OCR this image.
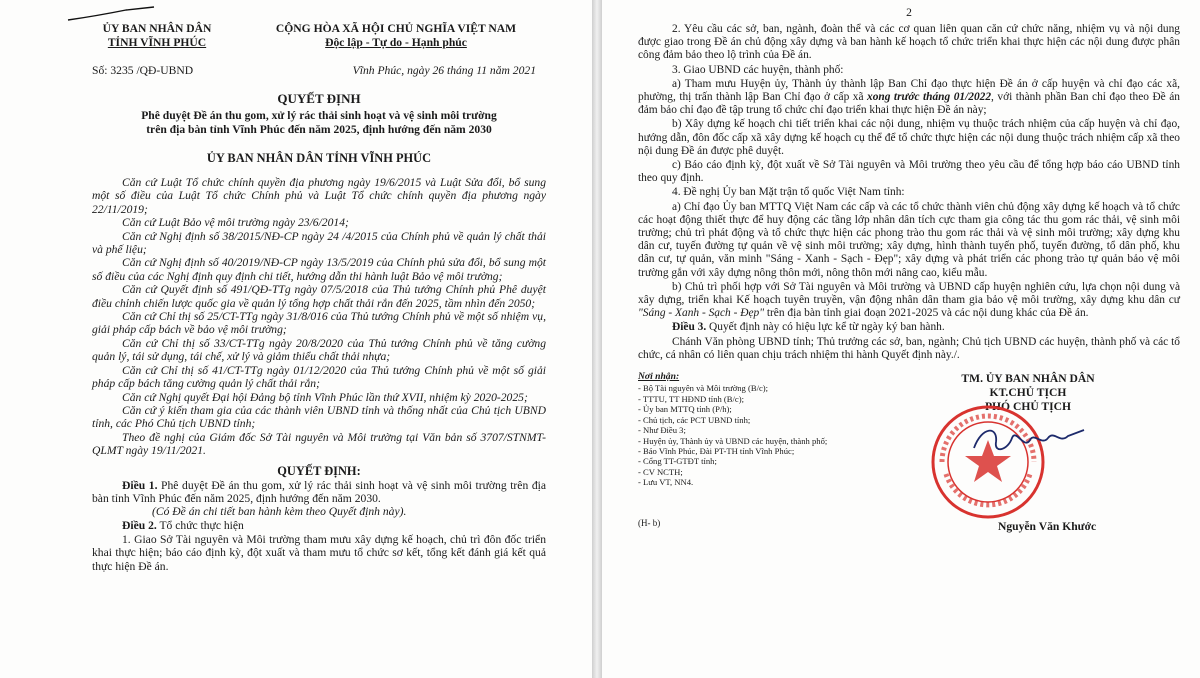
ỦY BAN NHÂN DÂN
TỈNH VĨNH PHÚC
CỘNG HÒA XÃ HỘI CHỦ NGHĨA VIỆT NAM
Độc lập - Tự do - Hạnh phúc
Số: 3235 /QĐ-UBND	Vĩnh Phúc, ngày 26 tháng 11 năm 2021
QUYẾT ĐỊNH
Phê duyệt Đề án thu gom, xử lý rác thải sinh hoạt và vệ sinh môi trường
trên địa bàn tỉnh Vĩnh Phúc đến năm 2025, định hướng đến năm 2030
ỦY BAN NHÂN DÂN TỈNH VĨNH PHÚC

Căn cứ Luật Tổ chức chính quyền địa phương ngày 19/6/2015 và Luật Sửa đổi, bổ sung một số điều của Luật Tổ chức Chính phủ và Luật Tổ chức chính quyền địa phương ngày 22/11/2019;

Căn cứ Luật Bảo vệ môi trường ngày 23/6/2014;

Căn cứ Nghị định số 38/2015/NĐ-CP ngày 24 /4/2015 của Chính phủ về quản lý chất thải và phế liệu;

Căn cứ Nghị định số 40/2019/NĐ-CP ngày 13/5/2019 của Chính phủ sửa đổi, bổ sung một số điều của các Nghị định quy định chi tiết, hướng dẫn thi hành luật Bảo vệ môi trường;

Căn cứ Quyết định số 491/QĐ-TTg ngày 07/5/2018 của Thủ tướng Chính phủ Phê duyệt điều chỉnh chiến lược quốc gia về quản lý tổng hợp chất thải rắn đến 2025, tầm nhìn đến 2050;

Căn cứ Chỉ thị số 25/CT-TTg ngày 31/8/016 của Thủ tướng Chính phủ về một số nhiệm vụ, giải pháp cấp bách về bảo vệ môi trường;

Căn cứ Chỉ thị số 33/CT-TTg ngày 20/8/2020 của Thủ tướng Chính phủ về tăng cường quản lý, tái sử dụng, tái chế, xử lý và giảm thiểu chất thải nhựa;

Căn cứ Chỉ thị số 41/CT-TTg ngày 01/12/2020 của Thủ tướng Chính phủ về một số giải pháp cấp bách tăng cường quản lý chất thải rắn;

Căn cứ Nghị quyết Đại hội Đảng bộ tỉnh Vĩnh Phúc lần thứ XVII, nhiệm kỳ 2020-2025;

Căn cứ ý kiến tham gia của các thành viên UBND tỉnh và thống nhất của Chủ tịch UBND tỉnh, các Phó Chủ tịch UBND tỉnh;

Theo đề nghị của Giám đốc Sở Tài nguyên và Môi trường tại Văn bản số 3707/STNMT-QLMT ngày 19/11/2021.

QUYẾT ĐỊNH:

Điều 1. Phê duyệt Đề án thu gom, xử lý rác thải sinh hoạt và vệ sinh môi trường trên địa bàn tỉnh Vĩnh Phúc đến năm 2025, định hướng đến năm 2030.

(Có Đề án chi tiết ban hành kèm theo Quyết định này).

Điều 2. Tổ chức thực hiện

1. Giao Sở Tài nguyên và Môi trường tham mưu xây dựng kế hoạch, chủ trì đôn đốc triển khai thực hiện; báo cáo định kỳ, đột xuất và tham mưu tổ chức sơ kết, tổng kết đánh giá kết quả thực hiện Đề án.

2

2. Yêu cầu các sở, ban, ngành, đoàn thể và các cơ quan liên quan căn cứ chức năng, nhiệm vụ và nội dung được giao trong Đề án chủ động xây dựng và ban hành kế hoạch tổ chức triển khai thực hiện các nội dung được phân công đảm bảo theo lộ trình của Đề án.

3. Giao UBND các huyện, thành phố:

a) Tham mưu Huyện ủy, Thành ủy thành lập Ban Chỉ đạo thực hiện Đề án ở cấp huyện và chỉ đạo các xã, phường, thị trấn thành lập Ban Chỉ đạo ở cấp xã xong trước tháng 01/2022, với thành phần Ban chỉ đạo theo Đề án đảm bảo chỉ đạo đề tập trung tổ chức chỉ đạo triển khai thực hiện Đề án này;

b) Xây dựng kế hoạch chi tiết triển khai các nội dung, nhiệm vụ thuộc trách nhiệm của cấp huyện và chỉ đạo, hướng dẫn, đôn đốc cấp xã xây dựng kế hoạch cụ thể để tổ chức thực hiện các nội dung thuộc trách nhiệm cấp xã theo nội dung Đề án được phê duyệt.

c) Báo cáo định kỳ, đột xuất về Sở Tài nguyên và Môi trường theo yêu cầu để tổng hợp báo cáo UBND tỉnh theo quy định.

4. Đề nghị Ủy ban Mặt trận tổ quốc Việt Nam tỉnh:

a) Chỉ đạo Ủy ban MTTQ Việt Nam các cấp và các tổ chức thành viên chủ động xây dựng kế hoạch và tổ chức các hoạt động thiết thực để huy động các tầng lớp nhân dân tích cực tham gia công tác thu gom rác thải, vệ sinh môi trường; chủ trì phát động và tổ chức thực hiện các phong trào thu gom rác thải và vệ sinh môi trường; xây dựng khu dân cư, tuyến đường tự quản về vệ sinh môi trường; xây dựng, hình thành tuyến phố, tuyến đường, tổ dân phố, khu dân cư, tự quản, văn minh "Sáng - Xanh - Sạch - Đẹp"; xây dựng và phát triển các phong trào tự quản bảo vệ môi trường gắn với xây dựng nông thôn mới, nông thôn mới nâng cao, kiểu mẫu.

b) Chủ trì phối hợp với Sở Tài nguyên và Môi trường và UBND cấp huyện nghiên cứu, lựa chọn nội dung và xây dựng, triển khai Kế hoạch tuyên truyền, vận động nhân dân tham gia bảo vệ môi trường, xây dựng khu dân cư "Sáng - Xanh - Sạch - Đẹp" trên địa bàn tỉnh giai đoạn 2021-2025 và các nội dung khác của Đề án.

Điều 3. Quyết định này có hiệu lực kể từ ngày ký ban hành.

Chánh Văn phòng UBND tỉnh; Thủ trưởng các sở, ban, ngành; Chủ tịch UBND các huyện, thành phố và các tổ chức, cá nhân có liên quan chịu trách nhiệm thi hành Quyết định này./.

Nơi nhận:
- Bộ Tài nguyên và Môi trường (B/c);
- TTTU, TT HĐND tỉnh (B/c);
- Ủy ban MTTQ tỉnh (P/h);
- Chủ tịch, các PCT UBND tỉnh;
- Như Điều 3;
- Huyện ủy, Thành ủy và UBND các huyện, thành phố;
- Báo Vĩnh Phúc, Đài PT-TH tỉnh Vĩnh Phúc;
- Cổng TT-GTĐT tỉnh;
- CV NCTH;
- Lưu VT, NN4.
(H- b)
TM. ỦY BAN NHÂN DÂN
KT.CHỦ TỊCH
PHÓ CHỦ TỊCH
Nguyễn Văn Khước
